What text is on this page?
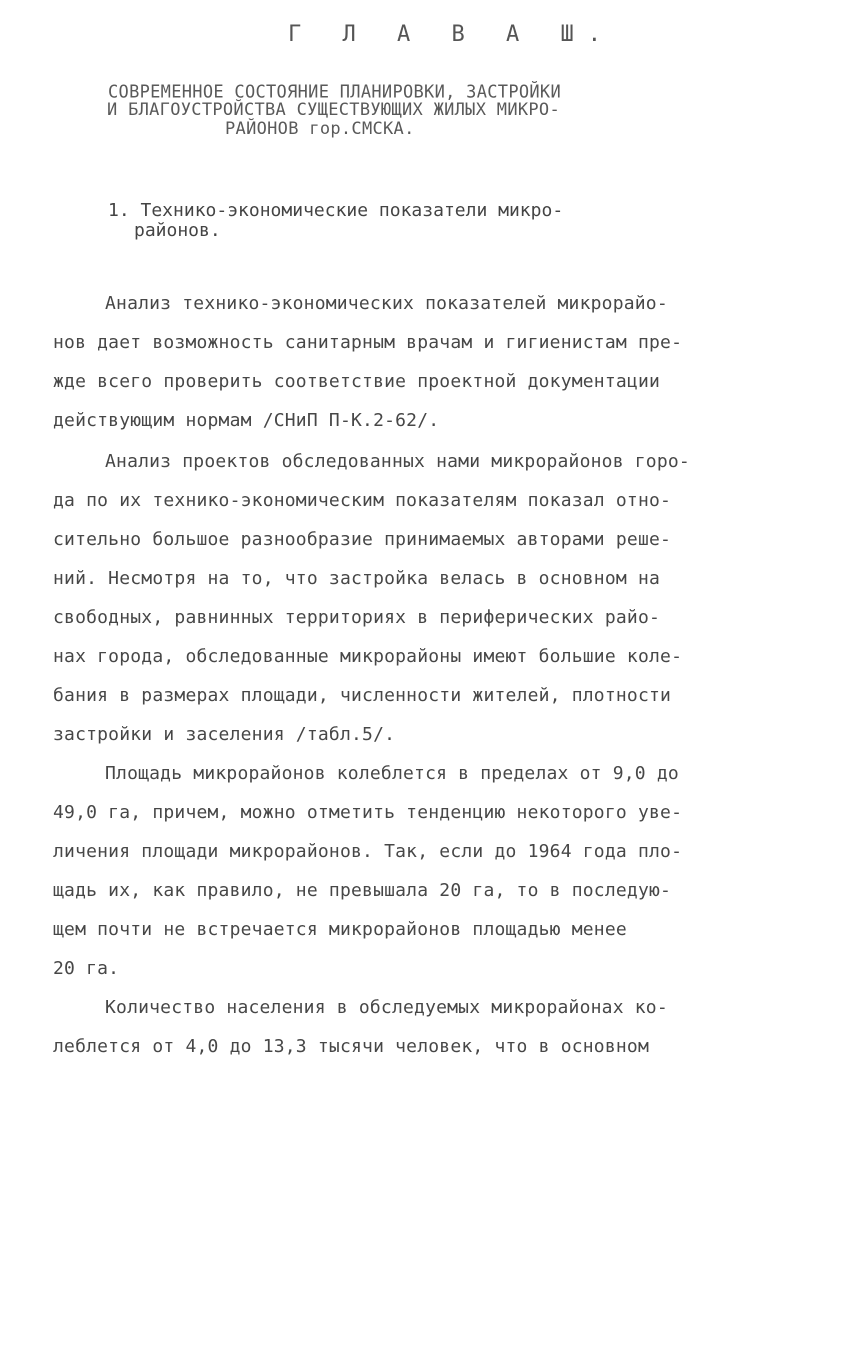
Г Л А В А Ш.
СОВРЕМЕННОЕ СОСТОЯНИЕ ПЛАНИРОВКИ, ЗАСТРОЙКИ
И БЛАГОУСТРОЙСТВА СУЩЕСТВУЮЩИХ ЖИЛЫХ МИКРО-
РАЙОНОВ гор.СМСКА.
1. Технико-экономические показатели микро-
районов.
Анализ технико-экономических показателей микрорайо-
нов дает возможность санитарным врачам и гигиенистам пре-
жде всего проверить соответствие проектной документации
действующим нормам /СНиП П-К.2-62/.
Анализ проектов обследованных нами микрорайонов горо-
да по их технико-экономическим показателям показал отно-
сительно большое разнообразие принимаемых авторами реше-
ний. Несмотря на то, что застройка велась в основном на
свободных, равнинных территориях в периферических райо-
нах города, обследованные микрорайоны имеют большие коле-
бания в размерах площади, численности жителей, плотности
застройки и заселения /табл.5/.
Площадь микрорайонов колеблется в пределах от 9,0 до
49,0 га, причем, можно отметить тенденцию некоторого уве-
личения площади микрорайонов. Так, если до 1964 года пло-
щадь их, как правило, не превышала 20 га, то в последую-
щем почти не встречается микрорайонов площадью менее
20 га.
Количество населения в обследуемых микрорайонах ко-
леблется от 4,0 до 13,3 тысячи человек, что в основном
